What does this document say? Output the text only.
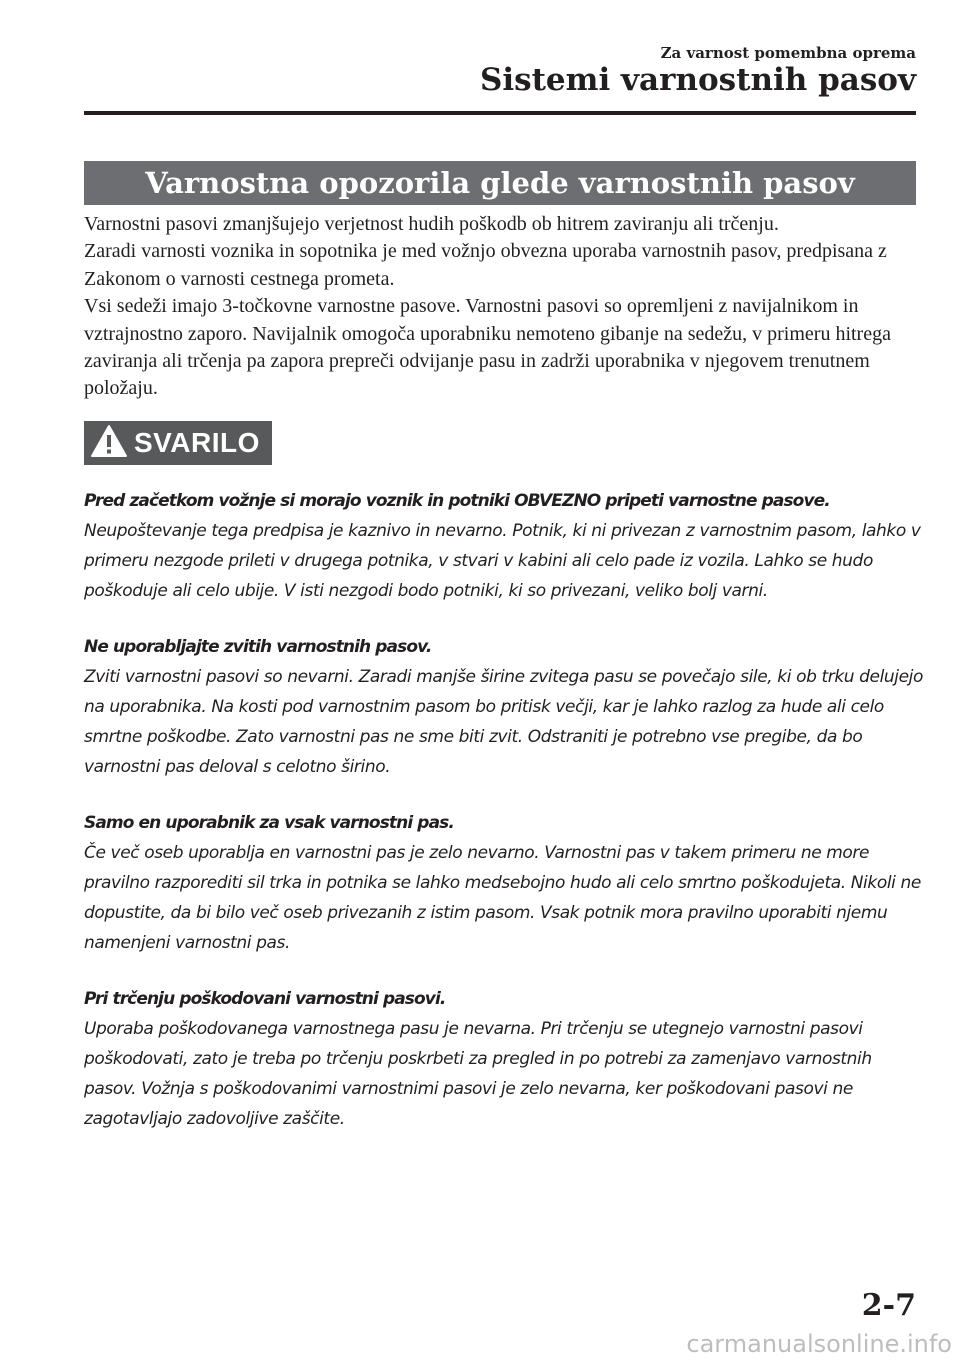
Za varnost pomembna oprema
Sistemi varnostnih pasov
Varnostna opozorila glede varnostnih pasov

Varnostni pasovi zmanjšujejo verjetnost hudih poškodb ob hitrem zaviranju ali trčenju.

Zaradi varnosti voznika in sopotnika je med vožnjo obvezna uporaba varnostnih pasov, predpisana z Zakonom o varnosti cestnega prometa.

Vsi sedeži imajo 3-točkovne varnostne pasove. Varnostni pasovi so opremljeni z navijalnikom in vztrajnostno zaporo. Navijalnik omogoča uporabniku nemoteno gibanje na sedežu, v primeru hitrega zaviranja ali trčenja pa zapora prepreči odvijanje pasu in zadrži uporabnika v njegovem trenutnem položaju.

SVARILO
Pred začetkom vožnje si morajo voznik in potniki OBVEZNO pripeti varnostne pasove.
Neupoštevanje tega predpisa je kaznivo in nevarno. Potnik, ki ni privezan z varnostnim pasom, lahko v primeru nezgode prileti v drugega potnika, v stvari v kabini ali celo pade iz vozila. Lahko se hudo poškoduje ali celo ubije. V isti nezgodi bodo potniki, ki so privezani, veliko bolj varni.
Ne uporabljajte zvitih varnostnih pasov.
Zviti varnostni pasovi so nevarni. Zaradi manjše širine zvitega pasu se povečajo sile, ki ob trku delujejo na uporabnika. Na kosti pod varnostnim pasom bo pritisk večji, kar je lahko razlog za hude ali celo smrtne poškodbe. Zato varnostni pas ne sme biti zvit. Odstraniti je potrebno vse pregibe, da bo varnostni pas deloval s celotno širino.
Samo en uporabnik za vsak varnostni pas.
Če več oseb uporablja en varnostni pas je zelo nevarno. Varnostni pas v takem primeru ne more pravilno razporediti sil trka in potnika se lahko medsebojno hudo ali celo smrtno poškodujeta. Nikoli ne dopustite, da bi bilo več oseb privezanih z istim pasom. Vsak potnik mora pravilno uporabiti njemu namenjeni varnostni pas.
Pri trčenju poškodovani varnostni pasovi.
Uporaba poškodovanega varnostnega pasu je nevarna. Pri trčenju se utegnejo varnostni pasovi poškodovati, zato je treba po trčenju poskrbeti za pregled in po potrebi za zamenjavo varnostnih pasov. Vožnja s poškodovanimi varnostnimi pasovi je zelo nevarna, ker poškodovani pasovi ne zagotavljajo zadovoljive zaščite.
2-7
carmanualsonline.info
